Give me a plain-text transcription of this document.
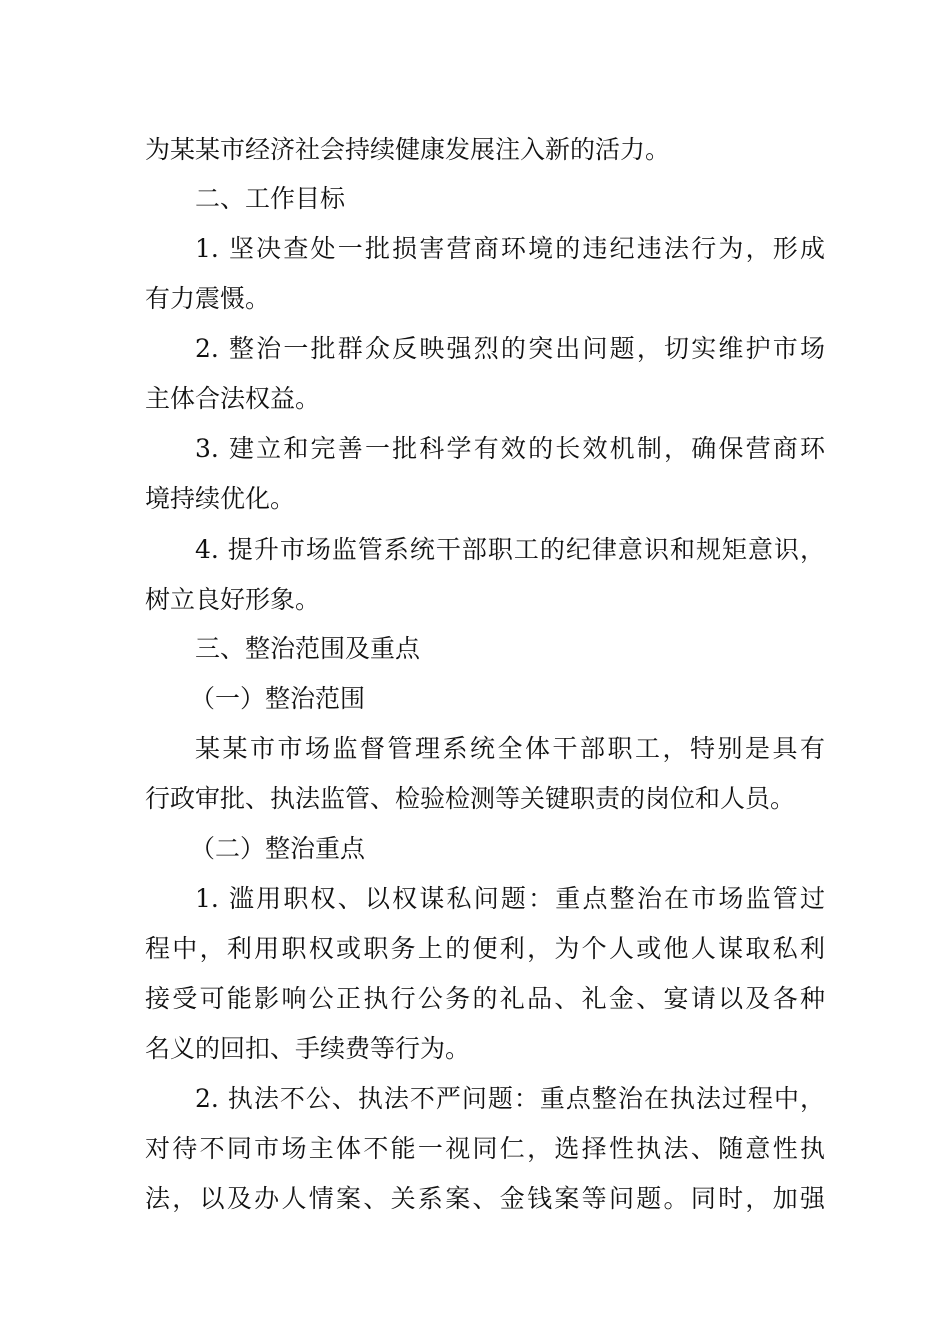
为某某市经济社会持续健康发展注入新的活力。
二、工作目标
1. 坚决查处一批损害营商环境的违纪违法行为，形成
有力震慑。
2. 整治一批群众反映强烈的突出问题，切实维护市场
主体合法权益。
3. 建立和完善一批科学有效的长效机制，确保营商环
境持续优化。
4. 提升市场监管系统干部职工的纪律意识和规矩意识，
树立良好形象。
三、整治范围及重点
（一）整治范围
某某市市场监督管理系统全体干部职工，特别是具有
行政审批、执法监管、检验检测等关键职责的岗位和人员。
（二）整治重点
1. 滥用职权、以权谋私问题：重点整治在市场监管过
程中，利用职权或职务上的便利，为个人或他人谋取私利
接受可能影响公正执行公务的礼品、礼金、宴请以及各种
名义的回扣、手续费等行为。
2. 执法不公、执法不严问题：重点整治在执法过程中，
对待不同市场主体不能一视同仁，选择性执法、随意性执
法，以及办人情案、关系案、金钱案等问题。同时，加强
